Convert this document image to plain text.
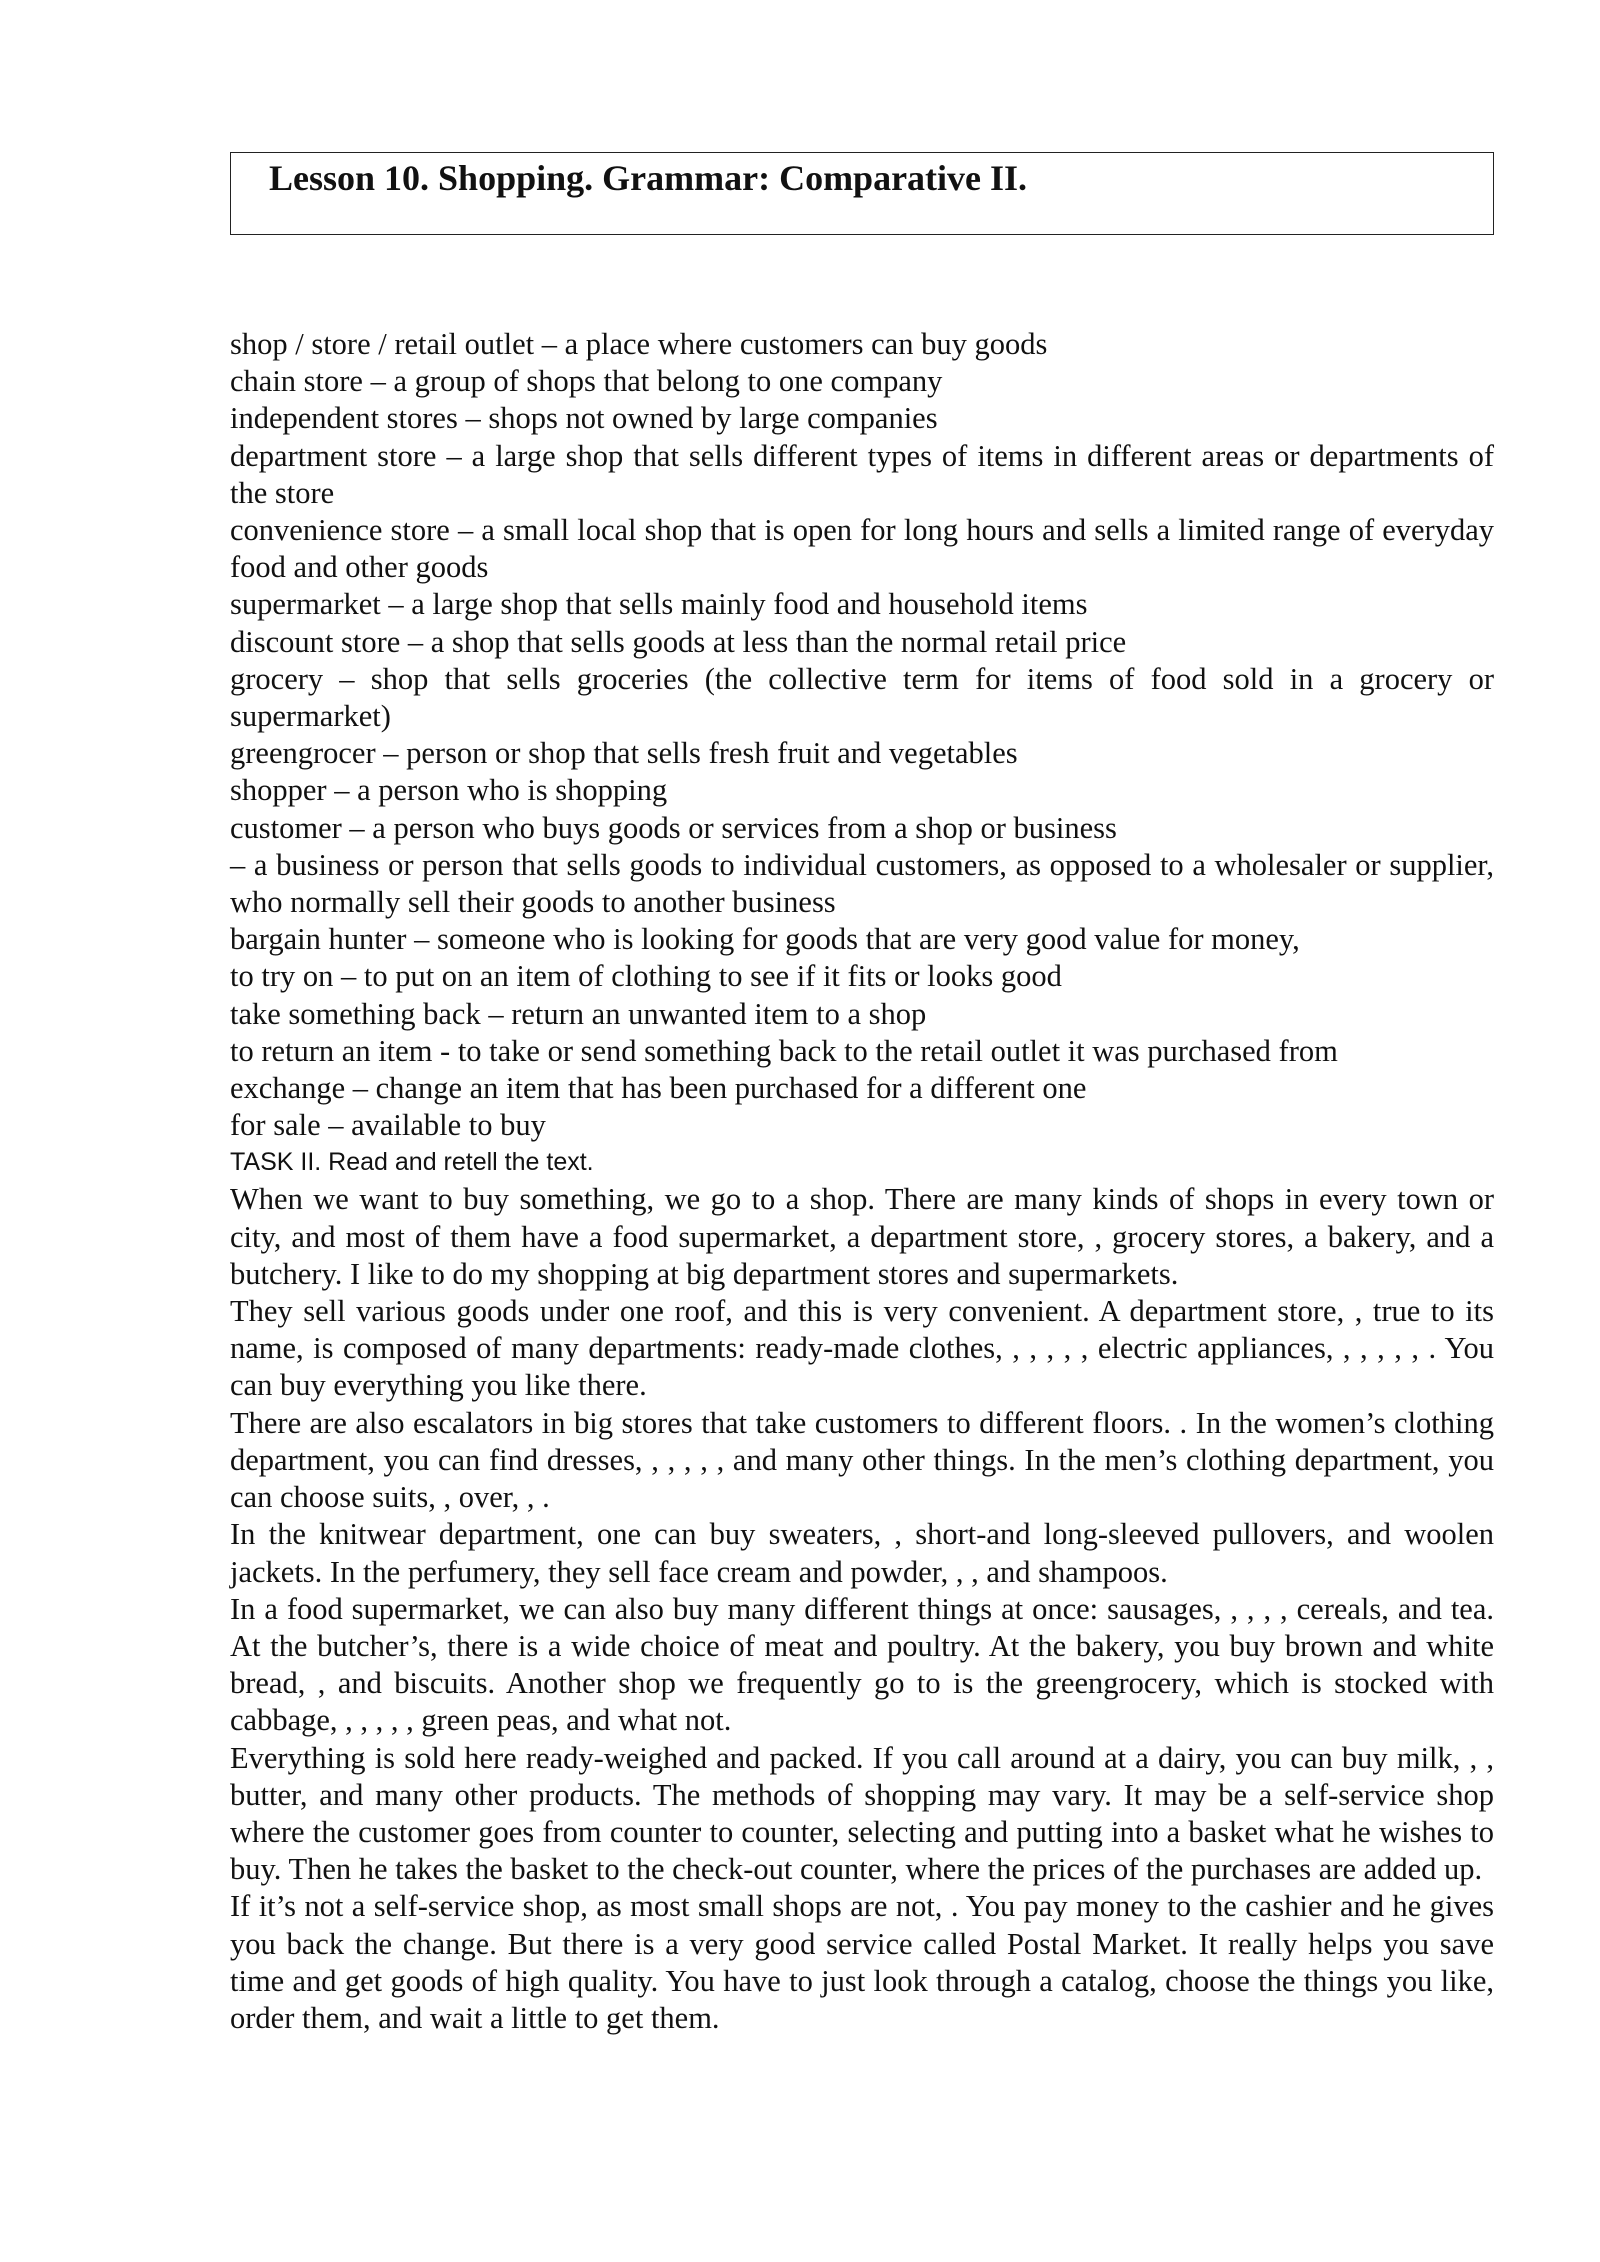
Lesson 10. Shopping. Grammar: Comparative II.

shop / store / retail outlet – a place where customers can buy goods

chain store – a group of shops that belong to one company

independent stores – shops not owned by large companies

department store – a large shop that sells different types of items in different areas or departments of the store

convenience store – a small local shop that is open for long hours and sells a limited range of everyday food and other goods

supermarket – a large shop that sells mainly food and household items

discount store – a shop that sells goods at less than the normal retail price

grocery – shop that sells groceries (the collective term for items of food sold in a grocery or supermarket)

greengrocer – person or shop that sells fresh fruit and vegetables

shopper – a person who is shopping

customer – a person who buys goods or services from a shop or business

– a business or person that sells goods to individual customers, as opposed to a wholesaler or supplier, who normally sell their goods to another business

bargain hunter – someone who is looking for goods that are very good value for money,

to try on – to put on an item of clothing to see if it fits or looks good

take something back – return an unwanted item to a shop

to return an item - to take or send something back to the retail outlet it was purchased from

exchange – change an item that has been purchased for a different one

for sale – available to buy

TASK II. Read and retell the text.

When we want to buy something, we go to a shop. There are many kinds of shops in every town or city, and most of them have a food supermarket, a department store, , grocery stores, a bakery, and a butchery. I like to do my shopping at big department stores and supermarkets.

They sell various goods under one roof, and this is very convenient. A department store, , true to its name, is composed of many departments: ready-made clothes, , , , , , electric appliances, , , , , , . You can buy everything you like there.

There are also escalators in big stores that take customers to different floors. . In the women’s clothing department, you can find dresses, , , , , , and many other things. In the men’s clothing department, you can choose suits, , over, , .

In the knitwear department, one can buy sweaters, , short-and long-sleeved pullovers, and woolen jackets. In the perfumery, they sell face cream and powder, , , and shampoos.

In a food supermarket, we can also buy many different things at once: sausages, , , , , cereals, and tea. At the butcher’s, there is a wide choice of meat and poultry. At the bakery, you buy brown and white bread, , and biscuits. Another shop we frequently go to is the greengrocery, which is stocked with cabbage, , , , , , green peas, and what not.

Everything is sold here ready-weighed and packed. If you call around at a dairy, you can buy milk, , , butter, and many other products. The methods of shopping may vary. It may be a self-service shop where the customer goes from counter to counter, selecting and putting into a basket what he wishes to buy. Then he takes the basket to the check-out counter, where the prices of the purchases are added up.

If it’s not a self-service shop, as most small shops are not, . You pay money to the cashier and he gives you back the change. But there is a very good service called Postal Market. It really helps you save time and get goods of high quality. You have to just look through a catalog, choose the things you like, order them, and wait a little to get them.
